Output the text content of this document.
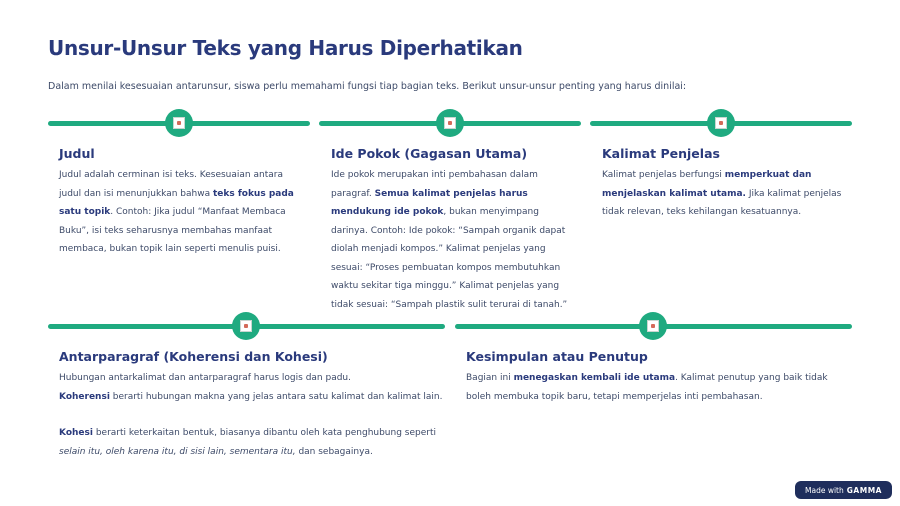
Unsur-Unsur Teks yang Harus Diperhatikan

Dalam menilai kesesuaian antarunsur, siswa perlu memahami fungsi tiap bagian teks. Berikut unsur-unsur penting yang harus dinilai:

Judul

Judul adalah cerminan isi teks. Kesesuaian antara judul dan isi menunjukkan bahwa teks fokus pada satu topik. Contoh: Jika judul “Manfaat Membaca Buku”, isi teks seharusnya membahas manfaat membaca, bukan topik lain seperti menulis puisi.

Ide Pokok (Gagasan Utama)

Ide pokok merupakan inti pembahasan dalam paragraf. Semua kalimat penjelas harus mendukung ide pokok, bukan menyimpang darinya. Contoh: Ide pokok: “Sampah organik dapat diolah menjadi kompos.” Kalimat penjelas yang sesuai: “Proses pembuatan kompos membutuhkan waktu sekitar tiga minggu.” Kalimat penjelas yang tidak sesuai: “Sampah plastik sulit terurai di tanah.”

Kalimat Penjelas

Kalimat penjelas berfungsi memperkuat dan menjelaskan kalimat utama. Jika kalimat penjelas tidak relevan, teks kehilangan kesatuannya.

Antarparagraf (Koherensi dan Kohesi)

Hubungan antarkalimat dan antarparagraf harus logis dan padu.

Koherensi berarti hubungan makna yang jelas antara satu kalimat dan kalimat lain.

Kohesi berarti keterkaitan bentuk, biasanya dibantu oleh kata penghubung seperti selain itu, oleh karena itu, di sisi lain, sementara itu, dan sebagainya.

Kesimpulan atau Penutup

Bagian ini menegaskan kembali ide utama. Kalimat penutup yang baik tidak boleh membuka topik baru, tetapi memperjelas inti pembahasan.

Made with GAMMA
